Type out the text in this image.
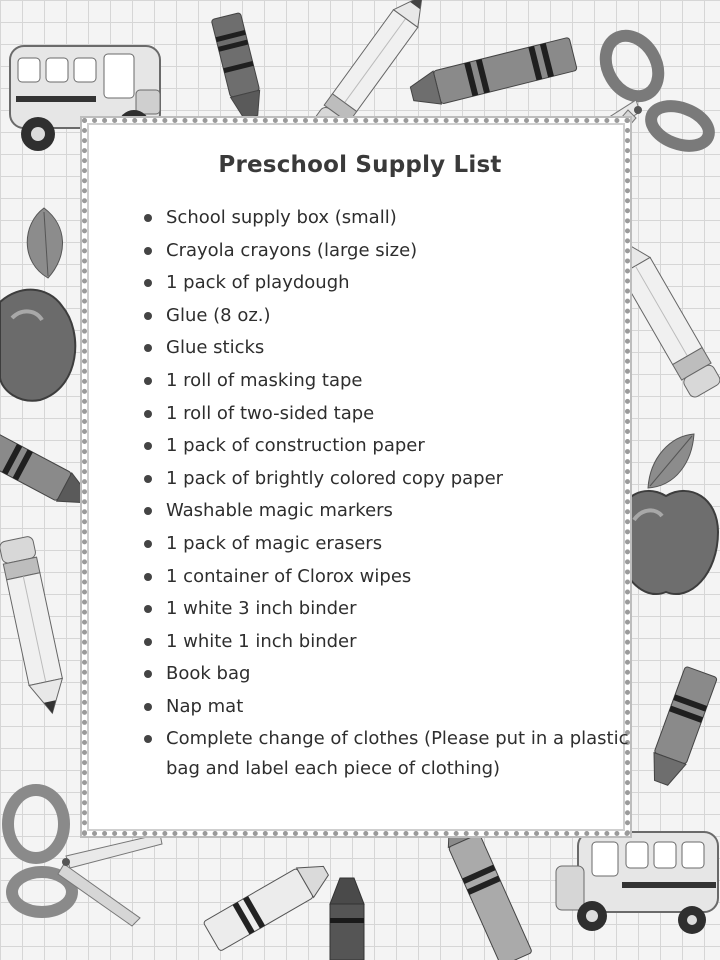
Preschool Supply List
School supply box (small)
Crayola crayons (large size)
1 pack of playdough
Glue (8 oz.)
Glue sticks
1 roll of masking tape
1 roll of two-sided tape
1 pack of construction paper
1 pack of brightly colored copy paper
Washable magic markers
1 pack of magic erasers
1 container of Clorox wipes
1 white 3 inch binder
1 white 1 inch binder
Book bag
Nap mat
Complete change of clothes (Please put in a plastic bag and label each piece of clothing)
